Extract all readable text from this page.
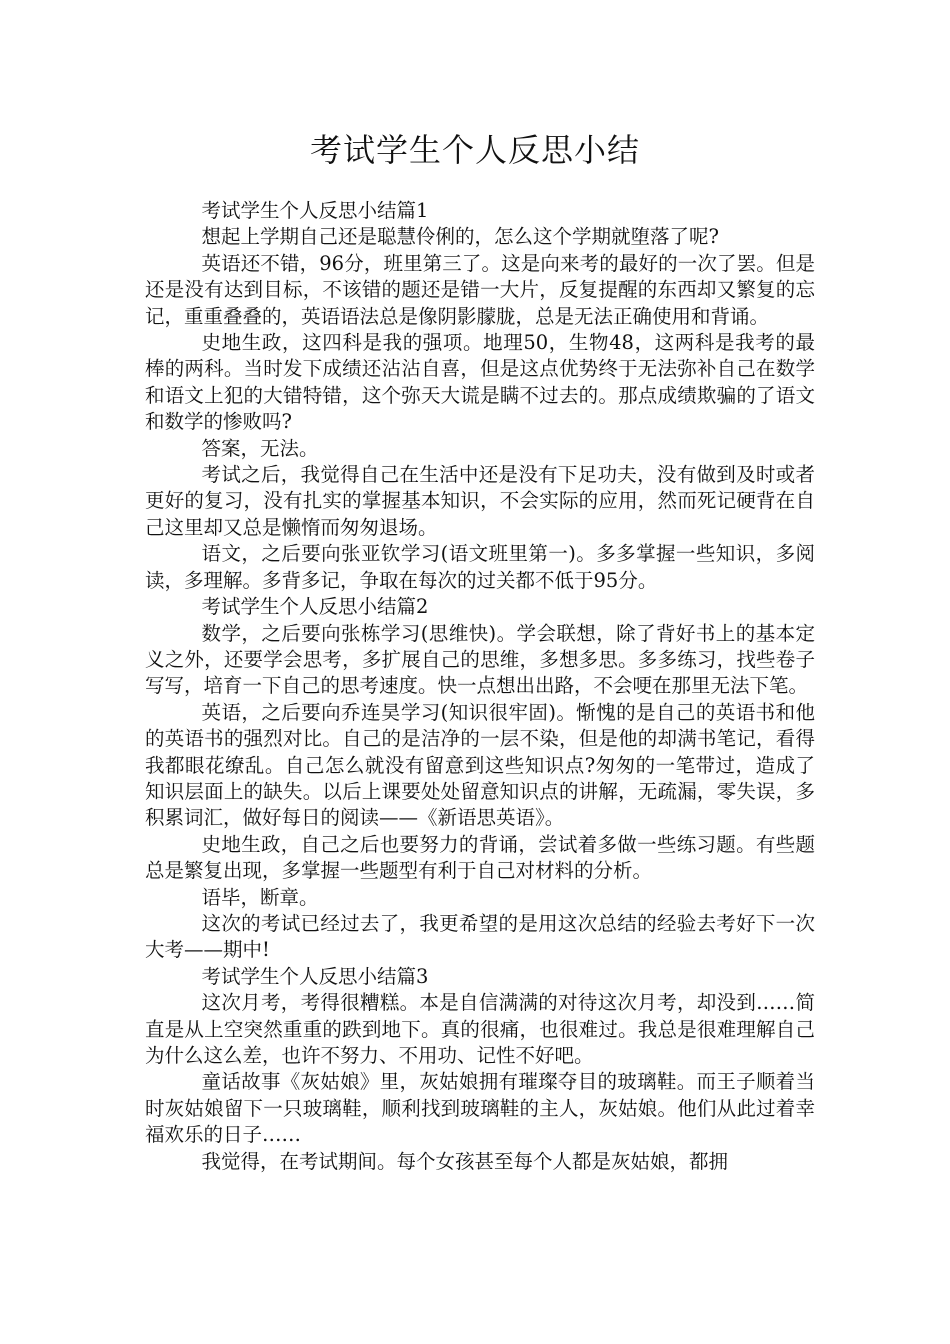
考试学生个人反思小结

考试学生个人反思小结篇1

想起上学期自己还是聪慧伶俐的，怎么这个学期就堕落了呢?

英语还不错，96分，班里第三了。这是向来考的最好的一次了罢。但是还是没有达到目标，不该错的题还是错一大片，反复提醒的东西却又繁复的忘记，重重叠叠的，英语语法总是像阴影朦胧，总是无法正确使用和背诵。

史地生政，这四科是我的强项。地理50，生物48，这两科是我考的最棒的两科。当时发下成绩还沾沾自喜，但是这点优势终于无法弥补自己在数学和语文上犯的大错特错，这个弥天大谎是瞒不过去的。那点成绩欺骗的了语文和数学的惨败吗?

答案，无法。

考试之后，我觉得自己在生活中还是没有下足功夫，没有做到及时或者更好的复习，没有扎实的掌握基本知识，不会实际的应用，然而死记硬背在自己这里却又总是懒惰而匆匆退场。

语文，之后要向张亚钦学习(语文班里第一)。多多掌握一些知识，多阅读，多理解。多背多记，争取在每次的过关都不低于95分。

考试学生个人反思小结篇2

数学，之后要向张栋学习(思维快)。学会联想，除了背好书上的基本定义之外，还要学会思考，多扩展自己的思维，多想多思。多多练习，找些卷子写写，培育一下自己的思考速度。快一点想出出路，不会哽在那里无法下笔。

英语，之后要向乔连昊学习(知识很牢固)。惭愧的是自己的英语书和他的英语书的强烈对比。自己的是洁净的一层不染，但是他的却满书笔记，看得我都眼花缭乱。自己怎么就没有留意到这些知识点?匆匆的一笔带过，造成了知识层面上的缺失。以后上课要处处留意知识点的讲解，无疏漏，零失误，多积累词汇，做好每日的阅读——《新语思英语》。

史地生政，自己之后也要努力的背诵，尝试着多做一些练习题。有些题总是繁复出现，多掌握一些题型有利于自己对材料的分析。

语毕，断章。

这次的考试已经过去了，我更希望的是用这次总结的经验去考好下一次大考——期中!

考试学生个人反思小结篇3

这次月考，考得很糟糕。本是自信满满的对待这次月考，却没到……简直是从上空突然重重的跌到地下。真的很痛，也很难过。我总是很难理解自己为什么这么差，也许不努力、不用功、记性不好吧。

童话故事《灰姑娘》里，灰姑娘拥有璀璨夺目的玻璃鞋。而王子顺着当时灰姑娘留下一只玻璃鞋，顺利找到玻璃鞋的主人，灰姑娘。他们从此过着幸福欢乐的日子……

我觉得，在考试期间。每个女孩甚至每个人都是灰姑娘，都拥
